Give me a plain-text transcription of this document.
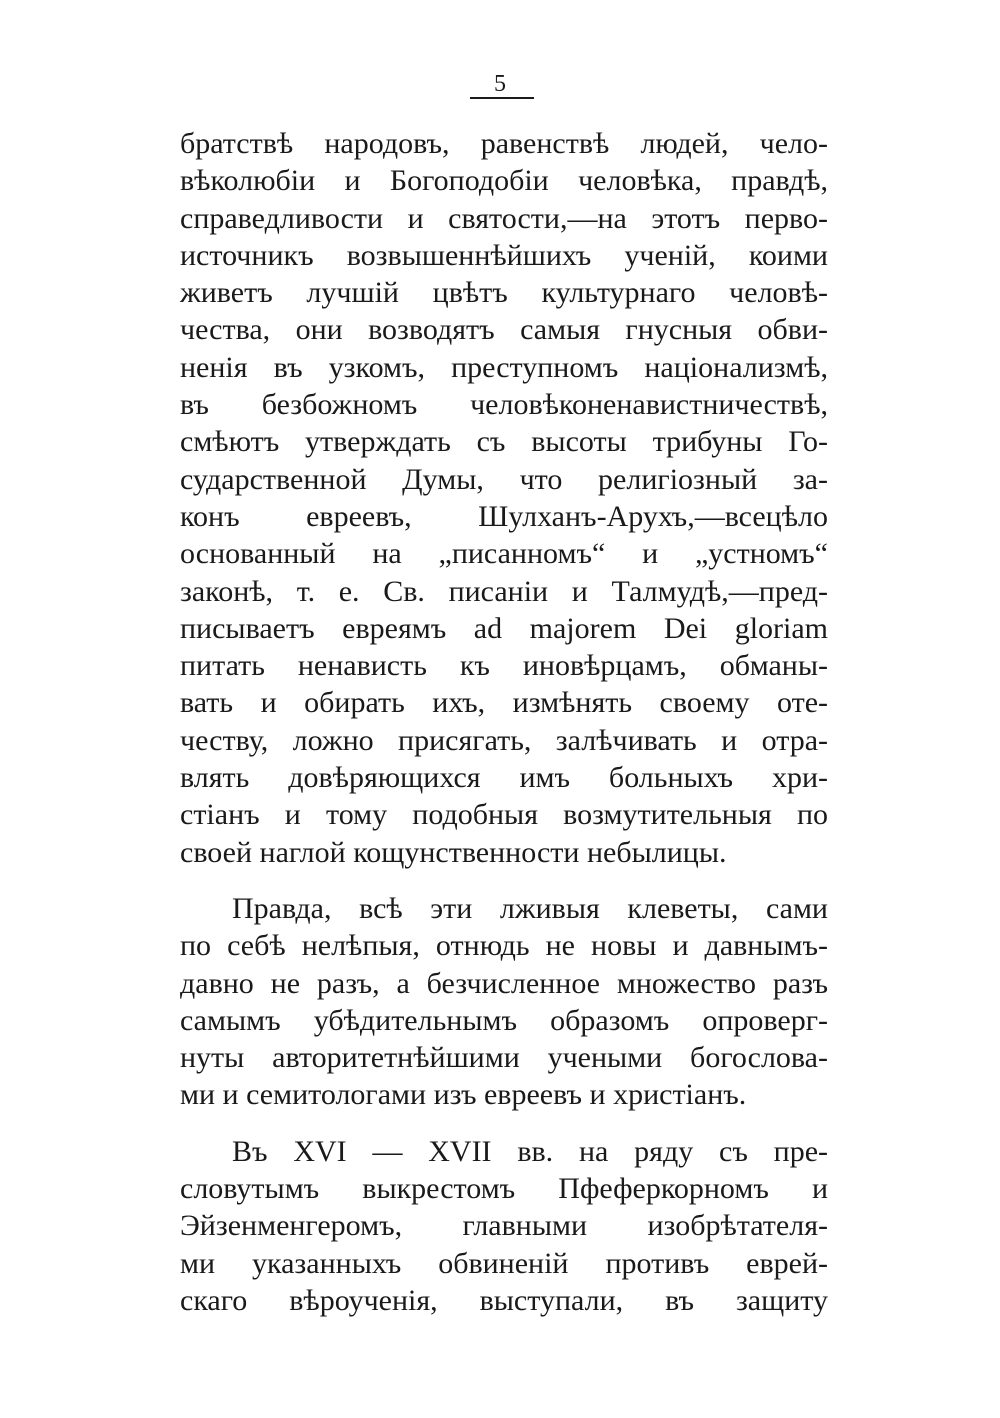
5
братствѣ народовъ, равенствѣ людей, чело-
вѣколюбіи и Богоподобіи человѣка, правдѣ,
справедливости и святости,—на этотъ перво-
источникъ возвышеннѣйшихъ ученій, коими
живетъ лучшій цвѣтъ культурнаго человѣ-
чества, они возводятъ самыя гнусныя обви-
ненія въ узкомъ, преступномъ націонализмѣ,
въ безбожномъ человѣконенавистничествѣ,
смѣютъ утверждать съ высоты трибуны Го-
сударственной Думы, что религіозный за-
конъ евреевъ, Шулханъ-Арухъ,—всецѣло
основанный на „писанномъ“ и „устномъ“
законѣ, т. е. Св. писаніи и Талмудѣ,—пред-
писываетъ евреямъ ad majorem Dei gloriam
питать ненависть къ иновѣрцамъ, обманы-
вать и обирать ихъ, измѣнять своему оте-
честву, ложно присягать, залѣчивать и отра-
влять довѣряющихся имъ больныхъ хри-
стіанъ и тому подобныя возмутительныя по
своей наглой кощунственности небылицы.
Правда, всѣ эти лживыя клеветы, сами
по себѣ нелѣпыя, отнюдь не новы и давнымъ-
давно не разъ, а безчисленное множество разъ
самымъ убѣдительнымъ образомъ опроверг-
нуты авторитетнѣйшими учеными богослова-
ми и семитологами изъ евреевъ и христіанъ.
Въ XVI — XVII вв. на ряду съ пре-
словутымъ выкрестомъ Пфеферкорномъ и
Эйзенменгеромъ, главными изобрѣтателя-
ми указанныхъ обвиненій противъ еврей-
скаго вѣроученія, выступали, въ защиту
